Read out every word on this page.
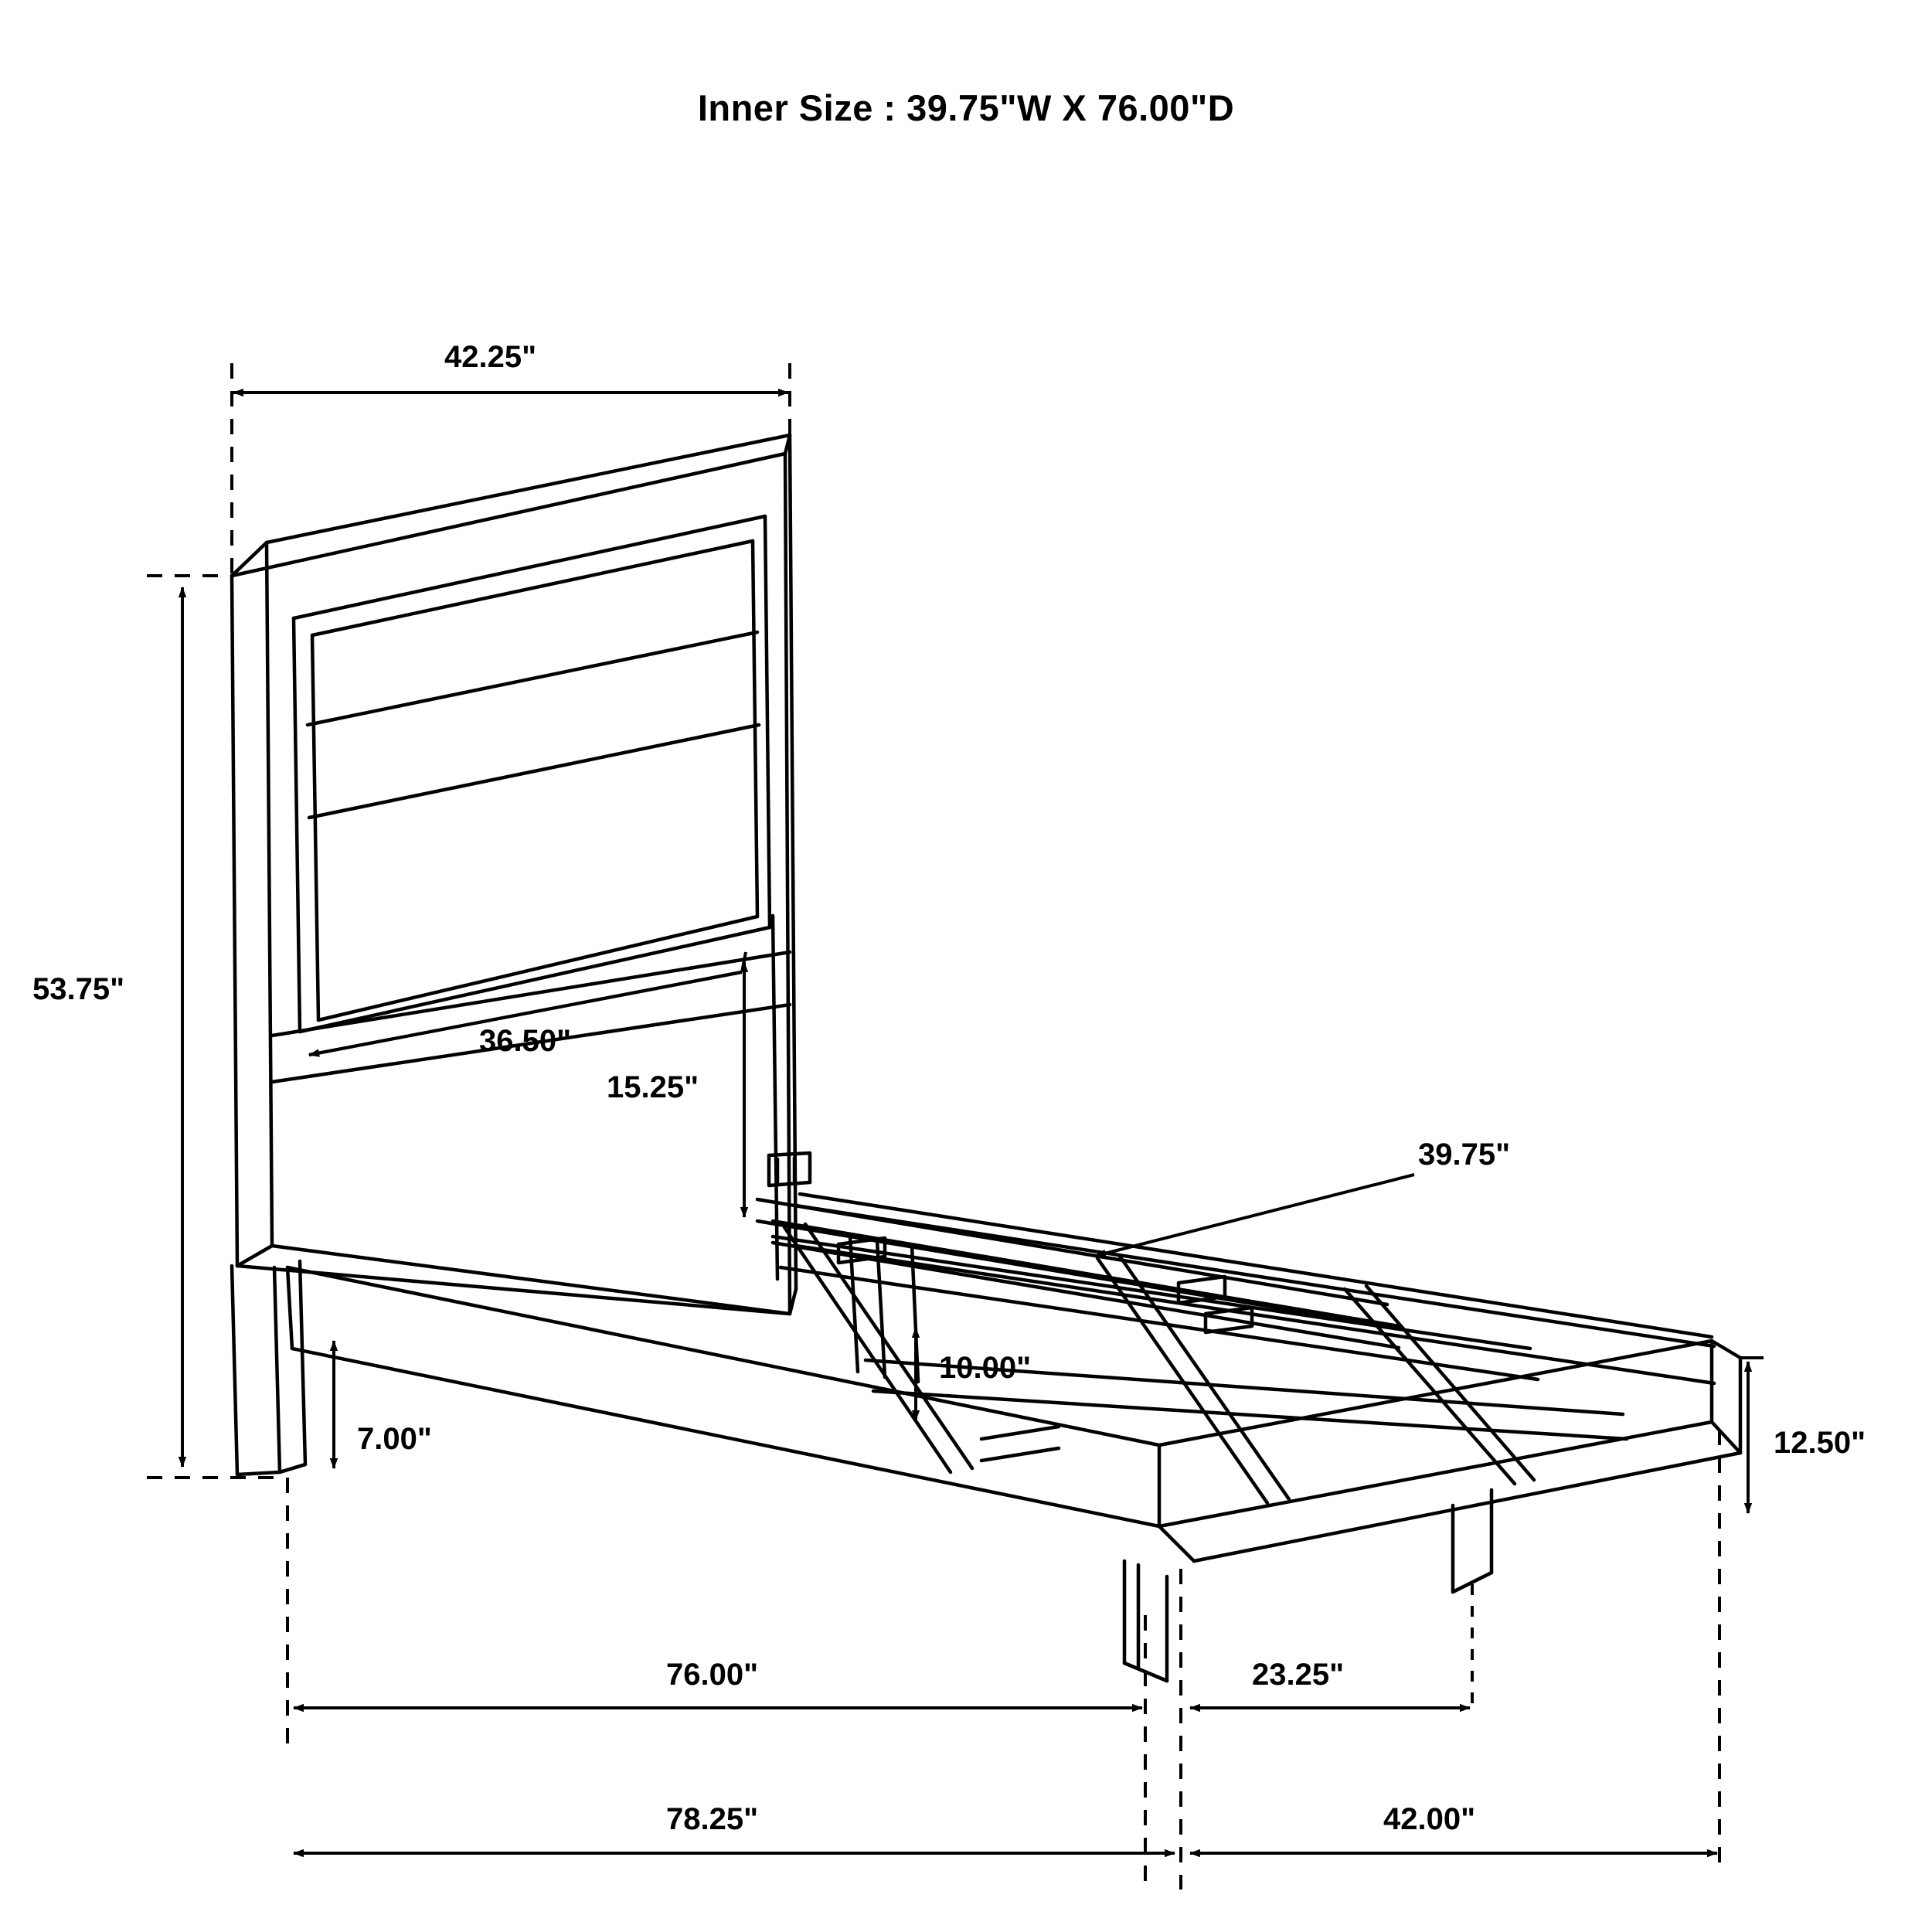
Inner Size : 39.75"W X 76.00"D
42.25"
53.75"
36.50"
15.25"
39.75"
10.00"
7.00"	12.50"
76.00"	23.25"
78.25"	42.00"
